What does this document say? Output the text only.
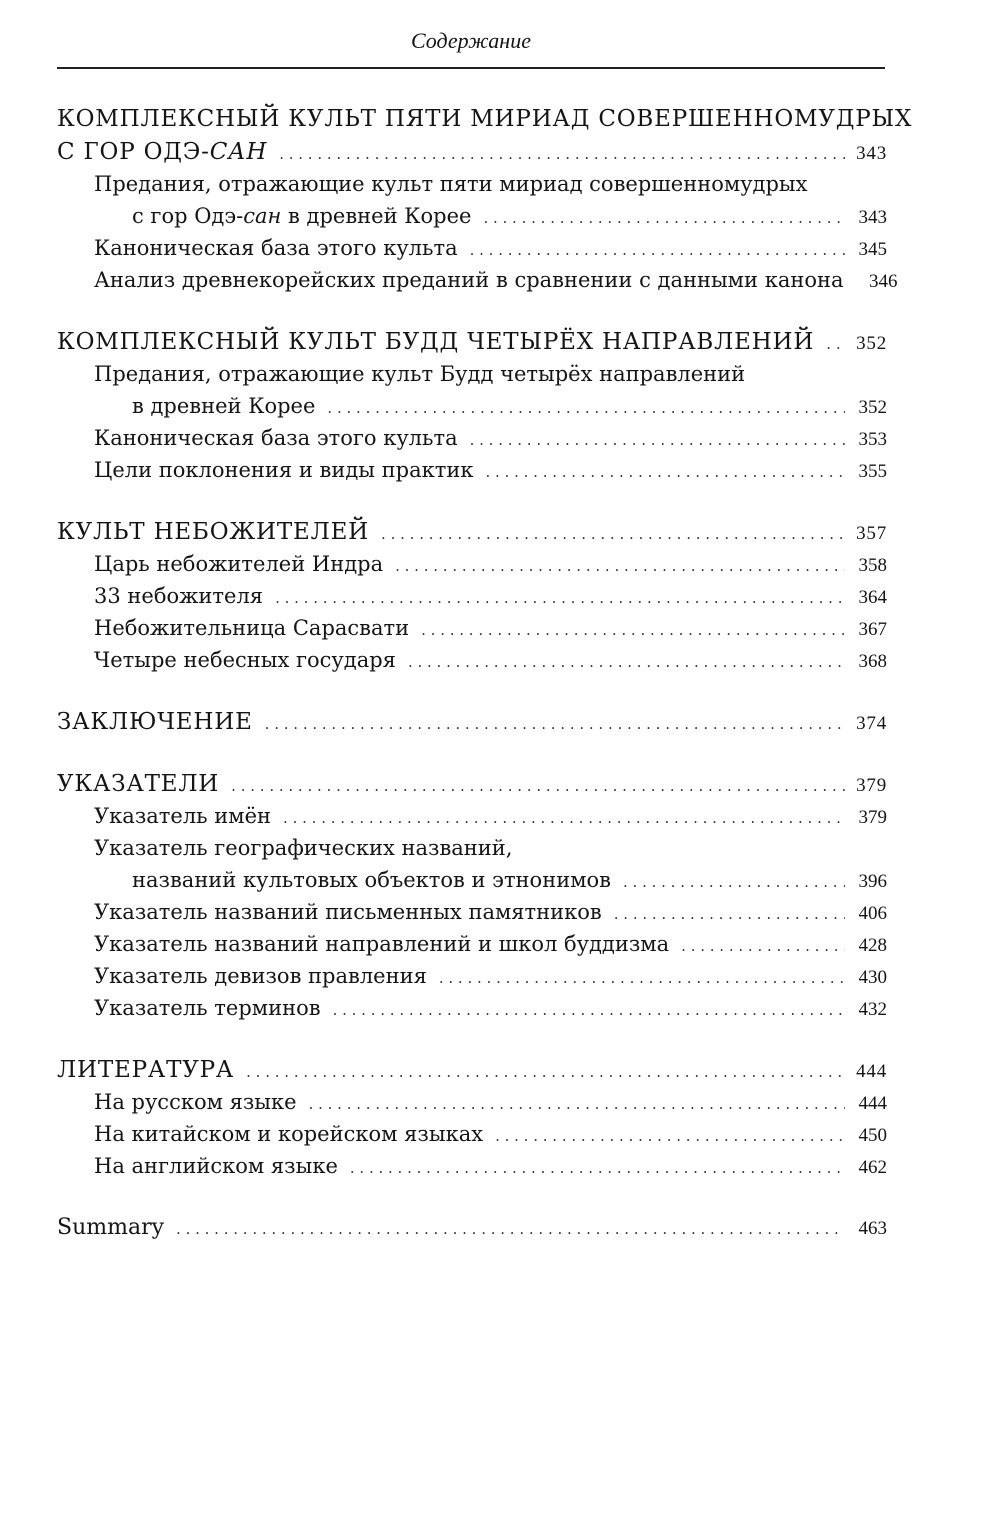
Содержание
КОМПЛЕКСНЫЙ КУЛЬТ ПЯТИ МИРИАД СОВЕРШЕННОМУДРЫХ
С ГОР ОДЭ-САН . . .	343
Предания, отражающие культ пяти мириад совершенномудрых
с гор Одэ-сан в древней Корее . . .	343
Каноническая база этого культа . . .	345
Анализ древнекорейских преданий в сравнении с данными канона	346
КОМПЛЕКСНЫЙ КУЛЬТ БУДД ЧЕТЫРЁХ НАПРАВЛЕНИЙ . . . 352
Предания, отражающие культ Будд четырёх направлений
в древней Корее . . .	352
Каноническая база этого культа . . .	353
Цели поклонения и виды практик . . .	355
КУЛЬТ НЕБОЖИТЕЛЕЙ . . .	357
Царь небожителей Индра . . .	358
33 небожителя . . .	364
Небожительница Сарасвати . . .	367
Четыре небесных государя . . .	368
ЗАКЛЮЧЕНИЕ . . .	374
УКАЗАТЕЛИ . . .	379
Указатель имён . . .	379
Указатель географических названий,
названий культовых объектов и этнонимов . . .	396
Указатель названий письменных памятников . . .	406
Указатель названий направлений и школ буддизма . . .	428
Указатель девизов правления . . .	430
Указатель терминов . . .	432
ЛИТЕРАТУРА . . .	444
На русском языке . . .	444
На китайском и корейском языках . . .	450
На английском языке . . .	462
Summary . . .	463
